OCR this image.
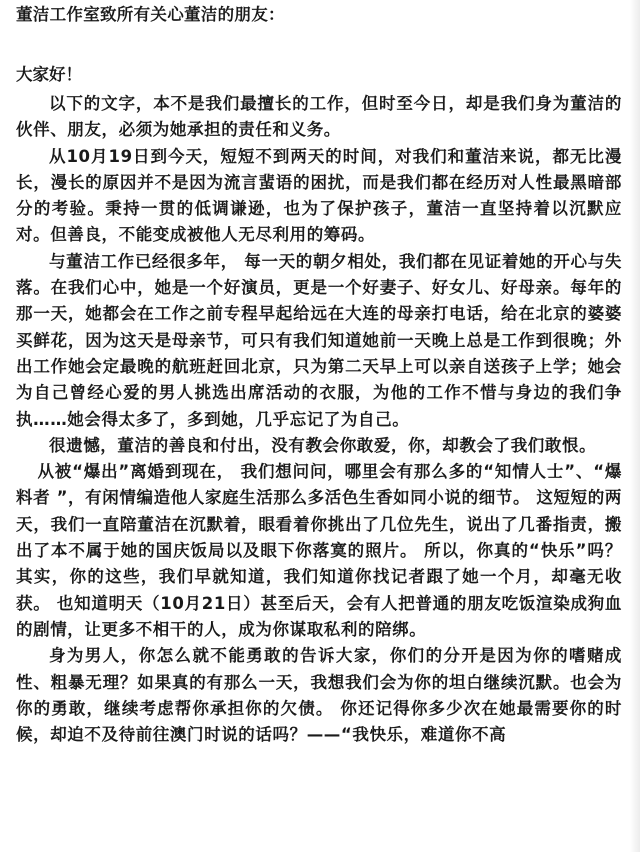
董洁工作室致所有关心董洁的朋友：
大家好！

以下的文字，本不是我们最擅长的工作，但时至今日，却是我们身为董洁的伙伴、朋友，必须为她承担的责任和义务。

从10月19日到今天，短短不到两天的时间，对我们和董洁来说，都无比漫长，漫长的原因并不是因为流言蜚语的困扰，而是我们都在经历对人性最黑暗部分的考验。秉持一贯的低调谦逊，也为了保护孩子，董洁一直坚持着以沉默应对。但善良，不能变成被他人无尽利用的筹码。

与董洁工作已经很多年， 每一天的朝夕相处，我们都在见证着她的开心与失落。在我们心中，她是一个好演员，更是一个好妻子、好女儿、好母亲。每年的那一天，她都会在工作之前专程早起给远在大连的母亲打电话，给在北京的婆婆买鲜花，因为这天是母亲节，可只有我们知道她前一天晚上总是工作到很晚；外出工作她会定最晚的航班赶回北京，只为第二天早上可以亲自送孩子上学；她会为自己曾经心爱的男人挑选出席活动的衣服，为他的工作不惜与身边的我们争执……她会得太多了，多到她，几乎忘记了为自己。

很遗憾，董洁的善良和付出，没有教会你敢爱，你，却教会了我们敢恨。

从被“爆出”离婚到现在， 我们想问问，哪里会有那么多的“知情人士”、“爆料者 ”，有闲情编造他人家庭生活那么多活色生香如同小说的细节。 这短短的两天，我们一直陪董洁在沉默着，眼看着你挑出了几位先生，说出了几番指责，搬出了本不属于她的国庆饭局以及眼下你落寞的照片。 所以，你真的“快乐”吗？其实，你的这些，我们早就知道，我们知道你找记者跟了她一个月，却毫无收获。 也知道明天（10月21日）甚至后天，会有人把普通的朋友吃饭渲染成狗血的剧情，让更多不相干的人，成为你谋取私利的陪绑。

身为男人，你怎么就不能勇敢的告诉大家，你们的分开是因为你的嗜赌成性、粗暴无理？如果真的有那么一天，我想我们会为你的坦白继续沉默。也会为你的勇敢，继续考虑帮你承担你的欠债。 你还记得你多少次在她最需要你的时候，却迫不及待前往澳门时说的话吗？——“我快乐，难道你不高
